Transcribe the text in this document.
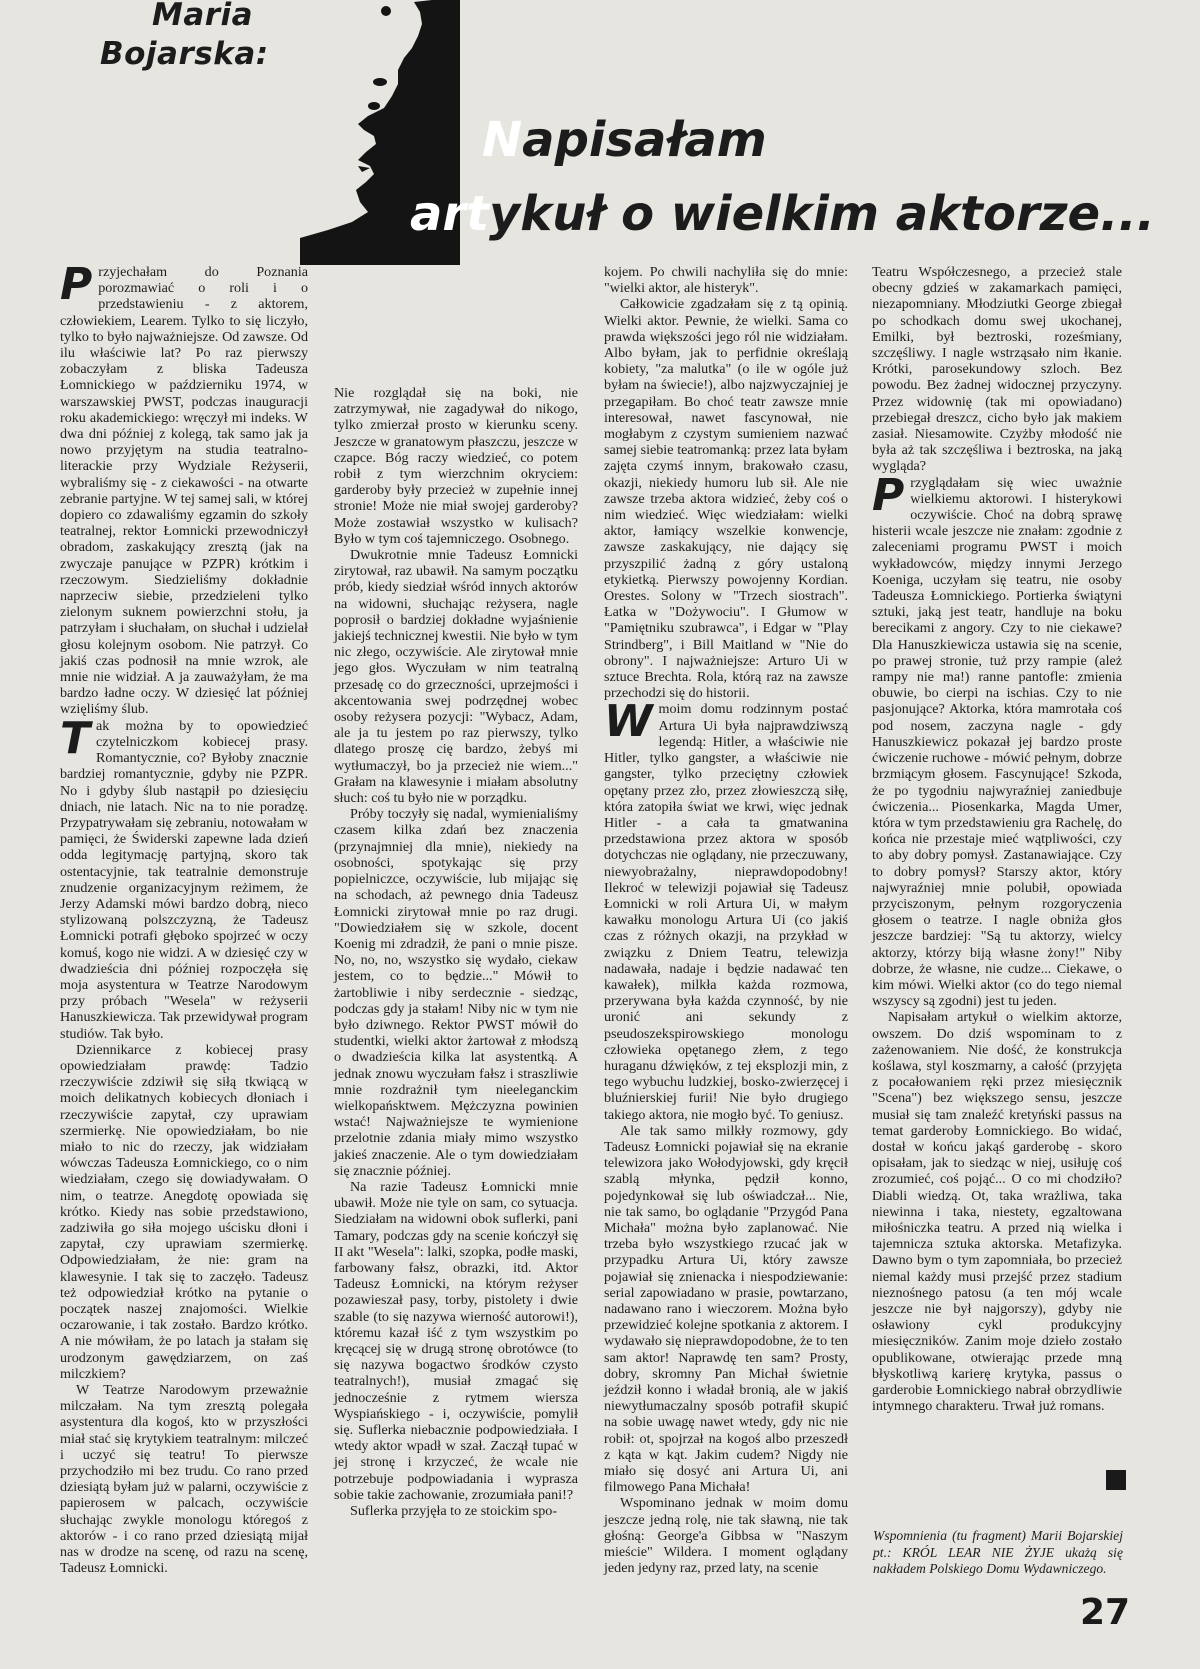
Maria
Bojarska:
Napisałam
artykuł o wielkim aktorze...

Przyjechałam do Poznania porozmawiać o roli i o przedstawieniu - z aktorem, człowiekiem, Learem. Tylko to się liczyło, tylko to było najważniejsze. Od zawsze. Od ilu właściwie lat? Po raz pierwszy zobaczyłam z bliska Tadeusza Łomnickiego w październiku 1974, w warszawskiej PWST, podczas inauguracji roku akademickiego: wręczył mi indeks. W dwa dni później z kolegą, tak samo jak ja nowo przyjętym na studia teatralno-literackie przy Wydziale Reżyserii, wybraliśmy się - z ciekawości - na otwarte zebranie partyjne. W tej samej sali, w której dopiero co zdawaliśmy egzamin do szkoły teatralnej, rektor Łomnicki przewodniczył obradom, zaskakujący zresztą (jak na zwyczaje panujące w PZPR) krótkim i rzeczowym. Siedzieliśmy dokładnie naprzeciw siebie, przedzieleni tylko zielonym suknem powierzchni stołu, ja patrzyłam i słuchałam, on słuchał i udzielał głosu kolejnym osobom. Nie patrzył. Co jakiś czas podnosił na mnie wzrok, ale mnie nie widział. A ja zauważyłam, że ma bardzo ładne oczy. W dziesięć lat później wzięliśmy ślub.

Tak można by to opowiedzieć czytelniczkom kobiecej prasy. Romantycznie, co? Byłoby znacznie bardziej romantycznie, gdyby nie PZPR. No i gdyby ślub nastąpił po dziesięciu dniach, nie latach. Nic na to nie poradzę. Przypatrywałam się zebraniu, notowałam w pamięci, że Świderski zapewne lada dzień odda legitymację partyjną, skoro tak ostentacyjnie, tak teatralnie demonstruje znudzenie organizacyjnym reżimem, że Jerzy Adamski mówi bardzo dobrą, nieco stylizowaną polszczyzną, że Tadeusz Łomnicki potrafi głęboko spojrzeć w oczy komuś, kogo nie widzi. A w dziesięć czy w dwadzieścia dni później rozpoczęła się moja asystentura w Teatrze Narodowym przy próbach "Wesela" w reżyserii Hanuszkiewicza. Tak przewidywał program studiów. Tak było.

Dziennikarce z kobiecej prasy opowiedziałam prawdę: Tadzio rzeczywiście zdziwił się siłą tkwiącą w moich delikatnych kobiecych dłoniach i rzeczywiście zapytał, czy uprawiam szermierkę. Nie opowiedziałam, bo nie miało to nic do rzeczy, jak widziałam wówczas Tadeusza Łomnickiego, co o nim wiedziałam, czego się dowiadywałam. O nim, o teatrze. Anegdotę opowiada się krótko. Kiedy nas sobie przedstawiono, zadziwiła go siła mojego uścisku dłoni i zapytał, czy uprawiam szermierkę. Odpowiedziałam, że nie: gram na klawesynie. I tak się to zaczęło. Tadeusz też odpowiedział krótko na pytanie o początek naszej znajomości. Wielkie oczarowanie, i tak zostało. Bardzo krótko. A nie mówiłam, że po latach ja stałam się urodzonym gawędziarzem, on zaś milczkiem?

W Teatrze Narodowym przeważnie milczałam. Na tym zresztą polegała asystentura dla kogoś, kto w przyszłości miał stać się krytykiem teatralnym: milczeć i uczyć się teatru! To pierwsze przychodziło mi bez trudu. Co rano przed dziesiątą byłam już w palarni, oczywiście z papierosem w palcach, oczywiście słuchając zwykle monologu któregoś z aktorów - i co rano przed dziesiątą mijał nas w drodze na scenę, od razu na scenę, Tadeusz Łomnicki.

Nie rozglądał się na boki, nie zatrzymywał, nie zagadywał do nikogo, tylko zmierzał prosto w kierunku sceny. Jeszcze w granatowym płaszczu, jeszcze w czapce. Bóg raczy wiedzieć, co potem robił z tym wierzchnim okryciem: garderoby były przecież w zupełnie innej stronie! Może nie miał swojej garderoby? Może zostawiał wszystko w kulisach? Było w tym coś tajemniczego. Osobnego.

Dwukrotnie mnie Tadeusz Łomnicki zirytował, raz ubawił. Na samym początku prób, kiedy siedział wśród innych aktorów na widowni, słuchając reżysera, nagle poprosił o bardziej dokładne wyjaśnienie jakiejś technicznej kwestii. Nie było w tym nic złego, oczywiście. Ale zirytował mnie jego głos. Wyczułam w nim teatralną przesadę co do grzeczności, uprzejmości i akcentowania swej podrzędnej wobec osoby reżysera pozycji: "Wybacz, Adam, ale ja tu jestem po raz pierwszy, tylko dlatego proszę cię bardzo, żebyś mi wytłumaczył, bo ja przecież nie wiem..." Grałam na klawesynie i miałam absolutny słuch: coś tu było nie w porządku.

Próby toczyły się nadal, wymienialiśmy czasem kilka zdań bez znaczenia (przynajmniej dla mnie), niekiedy na osobności, spotykając się przy popielniczce, oczywiście, lub mijając się na schodach, aż pewnego dnia Tadeusz Łomnicki zirytował mnie po raz drugi. "Dowiedziałem się w szkole, docent Koenig mi zdradził, że pani o mnie pisze. No, no, no, wszystko się wydało, ciekaw jestem, co to będzie..." Mówił to żartobliwie i niby serdecznie - siedząc, podczas gdy ja stałam! Niby nic w tym nie było dziwnego. Rektor PWST mówił do studentki, wielki aktor żartował z młodszą o dwadzieścia kilka lat asystentką. A jednak znowu wyczułam fałsz i straszliwie mnie rozdrażnił tym nieeleganckim wielkopańsktwem. Mężczyzna powinien wstać! Najważniejsze te wymienione przelotnie zdania miały mimo wszystko jakieś znaczenie. Ale o tym dowiedziałam się znacznie później.

Na razie Tadeusz Łomnicki mnie ubawił. Może nie tyle on sam, co sytuacja. Siedziałam na widowni obok suflerki, pani Tamary, podczas gdy na scenie kończył się II akt "Wesela": lalki, szopka, podłe maski, farbowany fałsz, obrazki, itd. Aktor Tadeusz Łomnicki, na którym reżyser pozawieszał pasy, torby, pistolety i dwie szable (to się nazywa wierność autorowi!), któremu kazał iść z tym wszystkim po kręcącej się w drugą stronę obrotówce (to się nazywa bogactwo środków czysto teatralnych!), musiał zmagać się jednocześnie z rytmem wiersza Wyspiańskiego - i, oczywiście, pomylił się. Suflerka niebacznie podpowiedziała. I wtedy aktor wpadł w szał. Zaczął tupać w jej stronę i krzyczeć, że wcale nie potrzebuje podpowiadania i wypraszа sobie takie zachowanie, zrozumiała pani!?

Suflerka przyjęła to ze stoickim spo-

kojem. Po chwili nachyliła się do mnie: "wielki aktor, ale histeryk".

Całkowicie zgadzałam się z tą opinią. Wielki aktor. Pewnie, że wielki. Sama co prawda większości jego ról nie widziałam. Albo byłam, jak to perfidnie określają kobiety, "za malutka" (o ile w ogóle już byłam na świecie!), albo najzwyczajniej je przegapiłam. Bo choć teatr zawsze mnie interesował, nawet fascynował, nie mogłabym z czystym sumieniem nazwać samej siebie teatromanką: przez lata byłam zajęta czymś innym, brakowało czasu, okazji, niekiedy humoru lub sił. Ale nie zawsze trzeba aktora widzieć, żeby coś o nim wiedzieć. Więc wiedziałam: wielki aktor, łamiący wszelkie konwencje, zawsze zaskakujący, nie dający się przyszpilić żadną z góry ustaloną etykietką. Pierwszy powojenny Kordian. Orestes. Solony w "Trzech siostrach". Łatka w "Dożywociu". I Głumow w "Pamiętniku szubrawca", i Edgar w "Play Strindberg", i Bill Maitland w "Nie do obrony". I najważniejsze: Arturo Ui w sztuce Brechta. Rola, którą raz na zawsze przechodzi się do historii.

Wmoim domu rodzinnym postać Artura Ui była najprawdziwszą legendą: Hitler, a właściwie nie Hitler, tylko gangster, a właściwie nie gangster, tylko przeciętny człowiek opętany przez zło, przez złowieszczą siłę, która zatopiła świat we krwi, więc jednak Hitler - a cała ta gmatwanina przedstawiona przez aktora w sposób dotychczas nie oglądany, nie przeczuwany, niewyobrażalny, nieprawdopodobny! Ilekroć w telewizji pojawiał się Tadeusz Łomnicki w roli Artura Ui, w małym kawałku monologu Artura Ui (co jakiś czas z różnych okazji, na przykład w związku z Dniem Teatru, telewizja nadawała, nadaje i będzie nadawać ten kawałek), milkła każda rozmowa, przerywana była każda czynność, by nie uronić ani sekundy z pseudoszekspirowskiego monologu człowieka opętanego złem, z tego huraganu dźwięków, z tej eksplozji min, z tego wybuchu ludzkiej, bosko-zwierzęcej i bluźnierskiej furii! Nie było drugiego takiego aktora, nie mogło być. To geniusz.

Ale tak samo milkły rozmowy, gdy Tadeusz Łomnicki pojawiał się na ekranie telewizora jako Wołodyjowski, gdy kręcił szablą młynka, pędził konno, pojedynkował się lub oświadczał... Nie, nie tak samo, bo oglądanie "Przygód Pana Michała" można było zaplanować. Nie trzeba było wszystkiego rzucać jak w przypadku Artura Ui, który zawsze pojawiał się znienacka i niespodziewanie: serial zapowiadano w prasie, powtarzano, nadawano rano i wieczorem. Można było przewidzieć kolejne spotkania z aktorem. I wydawało się nieprawdopodobne, że to ten sam aktor! Naprawdę ten sam? Prosty, dobry, skromny Pan Michał świetnie jeździł konno i władał bronią, ale w jakiś niewytłumaczalny sposób potrafił skupić na sobie uwagę nawet wtedy, gdy nic nie robił: ot, spojrzał na kogoś albo przeszedł z kąta w kąt. Jakim cudem? Nigdy nie miało się dosyć ani Artura Ui, ani filmowego Pana Michała!

Wspominano jednak w moim domu jeszcze jedną rolę, nie tak sławną, nie tak głośną: George'a Gibbsa w "Naszym mieście" Wildera. I moment oglądany jeden jedyny raz, przed laty, na scenie

Teatru Współczesnego, a przecież stale obecny gdzieś w zakamarkach pamięci, niezapomniany. Młodziutki George zbiegał po schodkach domu swej ukochanej, Emilki, był beztroski, roześmiany, szczęśliwy. I nagle wstrząsało nim łkanie. Krótki, parosekundowy szloch. Bez powodu. Bez żadnej widocznej przyczyny. Przez widownię (tak mi opowiadano) przebiegał dreszcz, cicho było jak makiem zasiał. Niesamowite. Czyżby młodość nie była aż tak szczęśliwa i beztroska, na jaką wygląda?

Przyglądałam się wiec uważnie wielkiemu aktorowi. I histerykowi oczywiście. Choć na dobrą sprawę histerii wcale jeszcze nie znałam: zgodnie z zaleceniami programu PWST i moich wykładowców, między innymi Jerzego Koeniga, uczyłam się teatru, nie osoby Tadeusza Łomnickiego. Portierka świątyni sztuki, jaką jest teatr, handluje na boku berecikami z angory. Czy to nie ciekawe? Dla Hanuszkiewicza ustawia się na scenie, po prawej stronie, tuż przy rampie (ależ rampy nie ma!) ranne pantofle: zmienia obuwie, bo cierpi na ischias. Czy to nie pasjonujące? Aktorka, która mamrotała coś pod nosem, zaczyna nagle - gdy Hanuszkiewicz pokazał jej bardzo proste ćwiczenie ruchowe - mówić pełnym, dobrze brzmiącym głosem. Fascynujące! Szkoda, że po tygodniu najwyraźniej zaniedbuje ćwiczenia... Piosenkarka, Magda Umer, która w tym przedstawieniu gra Rachelę, do końca nie przestaje mieć wątpliwości, czy to aby dobry pomysł. Zastanawiające. Czy to dobry pomysł? Starszy aktor, który najwyraźniej mnie polubił, opowiada przyciszonym, pełnym rozgoryczenia głosem o teatrze. I nagle obniża głos jeszcze bardziej: "Są tu aktorzy, wielcy aktorzy, którzy biją własne żony!" Niby dobrze, że własne, nie cudze... Ciekawe, o kim mówi. Wielki aktor (co do tego niemal wszyscy są zgodni) jest tu jeden.

Napisałam artykuł o wielkim aktorze, owszem. Do dziś wspominam to z zażenowaniem. Nie dość, że konstrukcja koślawa, styl koszmarny, a całość (przyjęta z pocałowaniem ręki przez miesięcznik "Scena") bez większego sensu, jeszcze musiał się tam znaleźć kretyński passus na temat garderoby Łomnickiego. Bo widać, dostał w końcu jakąś garderobę - skoro opisałam, jak to siedząc w niej, usiłuję coś zrozumieć, coś pojąć... O co mi chodziło? Diabli wiedzą. Ot, taka wrażliwa, taka niewinna i taka, niestety, egzaltowana miłośniczka teatru. A przed nią wielka i tajemnicza sztuka aktorska. Metafizyka. Dawno bym o tym zapomniała, bo przecież niemal każdy musi przejść przez stadium nieznośnego patosu (a ten mój wcale jeszcze nie był najgorszy), gdyby nie osławiony cykl produkcyjny miesięczników. Zanim moje dzieło zostało opublikowane, otwierając przede mną błyskotliwą karierę krytyka, passus o garderobie Łomnickiego nabrał obrzydliwie intymnego charakteru. Trwał już romans.

Wspomnienia (tu fragment) Marii Bojarskiej pt.: KRÓL LEAR NIE ŻYJE ukażą się nakładem Polskiego Domu Wydawniczego.
27
